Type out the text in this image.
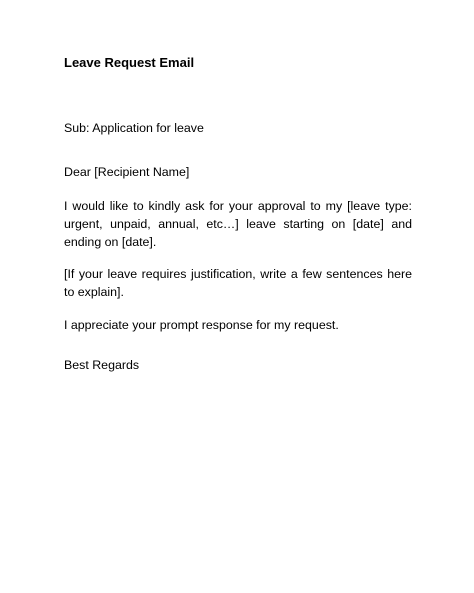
Leave Request Email

Sub: Application for leave

Dear [Recipient Name]

I would like to kindly ask for your approval to my [leave type: urgent, unpaid, annual, etc…] leave starting on [date] and ending on [date].

[If your leave requires justification, write a few sentences here to explain].

I appreciate your prompt response for my request.

Best Regards
